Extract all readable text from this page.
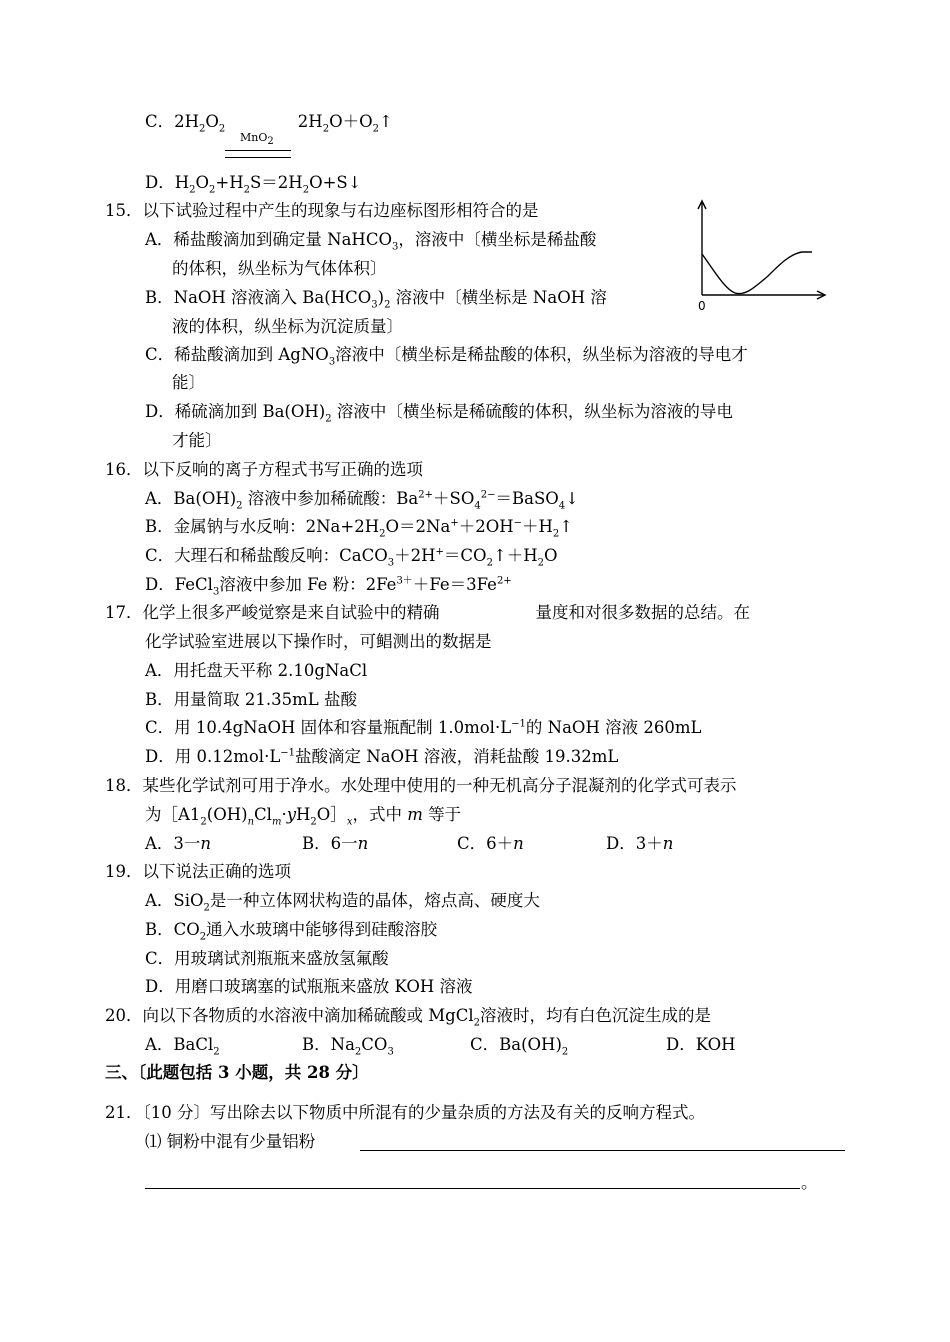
C．$2H_2O_2$	$2H_2O+O_2↑$
MnO$_2$
D．$H_2O_2+H_2S=2H_2O+S↓$
15．以下试验过程中产生的现象与右边座标图形相符合的是
A．稀盐酸滴加到确定量 NaHCO$_3$，溶液中〔横坐标是稀盐酸
的体积，纵坐标为气体体积〕
B．NaOH 溶液滴入 $Ba(HCO_3)_2$ 溶液中〔横坐标是 NaOH 溶
液的体积，纵坐标为沉淀质量〕
C．稀盐酸滴加到 AgNO$_3$溶液中〔横坐标是稀盐酸的体积，纵坐标为溶液的导电才
能〕
D．稀硫滴加到 $Ba(OH)_2$ 溶液中〔横坐标是稀硫酸的体积，纵坐标为溶液的导电
才能〕
0
16．以下反响的离子方程式书写正确的选项
A．$Ba(OH)_2$ 溶液中参加稀硫酸：$Ba^{2+}+SO_4^{2-}=BaSO_4↓$
B．金属钠与水反响：$2Na+2H_2O=2Na^++2OH^-+H_2↑$
C．大理石和稀盐酸反响：$CaCO_3+2H^+=CO_2↑+H_2O$
D．FeCl$_3$溶液中参加 Fe 粉：$2Fe^{3+}+Fe=3Fe^{2+}$
17．化学上很多严峻觉察是来自试验中的精确	量度和对很多数据的总结。在
化学试验室进展以下操作时，可鲳测出的数据是
A．用托盘天平称 2.10gNaCl
B．用量简取 21.35mL 盐酸
C．用 10.4gNaOH 固体和容量瓶配制 $1.0mol\cdot L^{-1}$的 NaOH 溶液 260mL
D．用 $0.12mol\cdot L^{-1}$盐酸滴定 NaOH 溶液，消耗盐酸 19.32mL
18．某些化学试剂可用于净水。水处理中使用的一种无机高分子混凝剂的化学式可表示
为$[A1_2(OH)_nCl_m\cdot yH_2O]_x$，式中 m 等于
A．3一n	B．6一n	C．6＋n	D．3＋n
19．以下说法正确的选项
A．SiO$_2$是一种立体网状构造的晶体，熔点高、硬度大
B．$CO_2$通入水玻璃中能够得到硅酸溶胶
C．用玻璃试剂瓶瓶来盛放氢氟酸
D．用磨口玻璃塞的试瓶瓶来盛放 KOH 溶液
20．向以下各物质的水溶液中滴加稀硫酸或 MgCl$_2$溶液时，均有白色沉淀生成的是
A．BaCl$_2$	B．$Na_2CO_3$	C．$Ba(OH)_2$	D．KOH
三、〔此题包括 3 小题，共 28 分〕
21．〔10 分〕写出除去以下物质中所混有的少量杂质的方法及有关的反响方程式。
⑴ 铜粉中混有少量铝粉
。
